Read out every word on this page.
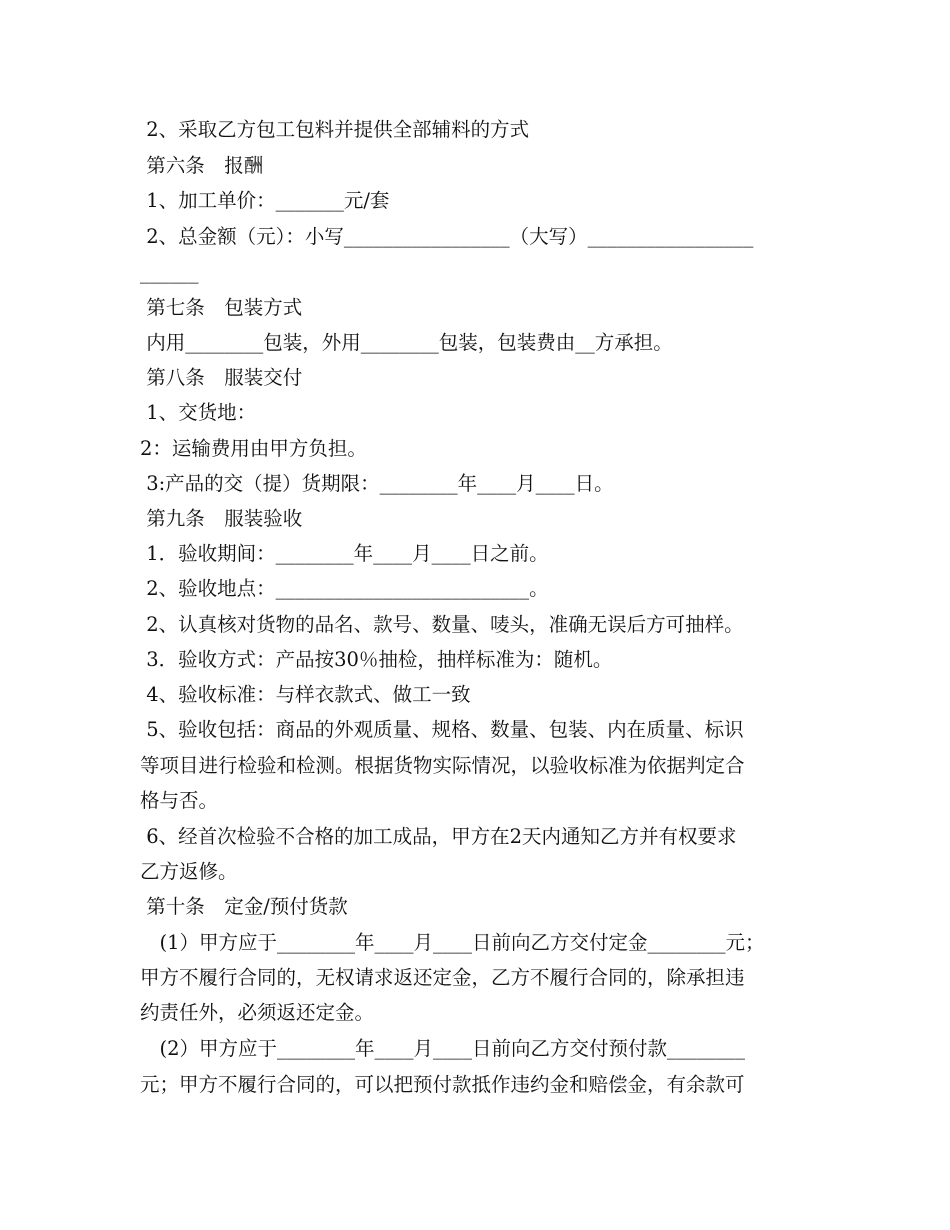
2、采取乙方包工包料并提供全部辅料的方式

第六条　报酬

1、加工单价：_______元/套

2、总金额（元）：小写_________________（大写）_________________

______

第七条　包装方式

内用________包装，外用________包装，包装费由__方承担。

第八条　服装交付

1、交货地：

2：运输费用由甲方负担。

3:产品的交（提）货期限：________年____月____日。

第九条　服装验收

1．验收期间：________年____月____日之前。

2、验收地点：__________________________。

2、认真核对货物的品名、款号、数量、唛头，准确无误后方可抽样。

3．验收方式：产品按30％抽检，抽样标准为：随机。

4、验收标准：与样衣款式、做工一致

5、验收包括：商品的外观质量、规格、数量、包装、内在质量、标识

等项目进行检验和检测。根据货物实际情况，以验收标准为依据判定合

格与否。

6、经首次检验不合格的加工成品，甲方在2天内通知乙方并有权要求

乙方返修。

第十条　定金/预付货款

　(1）甲方应于________年____月____日前向乙方交付定金________元；

甲方不履行合同的，无权请求返还定金，乙方不履行合同的，除承担违

约责任外，必须返还定金。

　(2）甲方应于________年____月____日前向乙方交付预付款________

元；甲方不履行合同的，可以把预付款抵作违约金和赔偿金，有余款可
